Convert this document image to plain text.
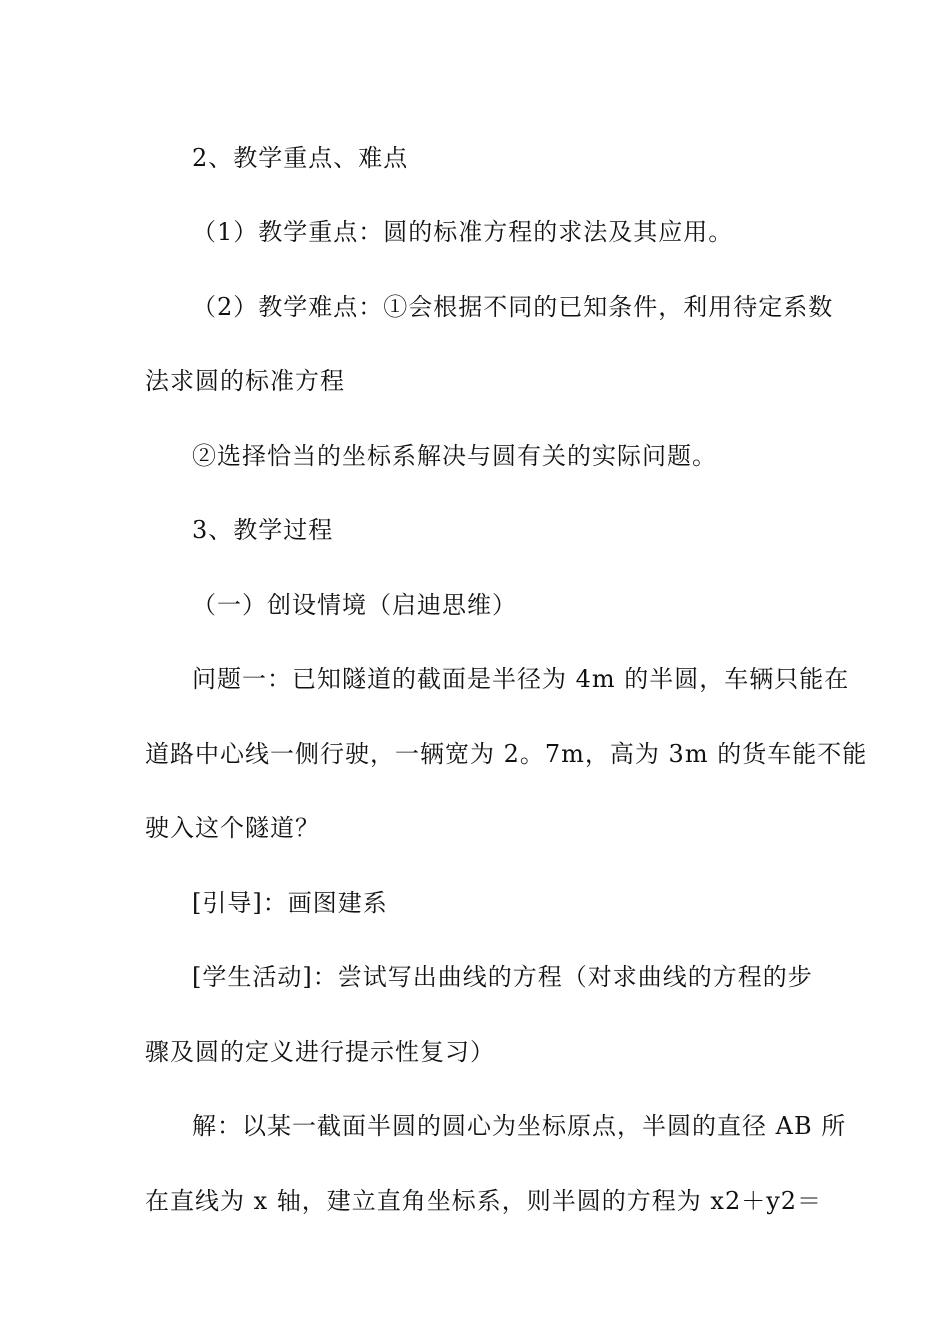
2、教学重点、难点
（1）教学重点：圆的标准方程的求法及其应用。
（2）教学难点：①会根据不同的已知条件，利用待定系数
法求圆的标准方程
②选择恰当的坐标系解决与圆有关的实际问题。
3、教学过程
（一）创设情境（启迪思维）
问题一：已知隧道的截面是半径为 4m 的半圆，车辆只能在
道路中心线一侧行驶，一辆宽为 2。7m，高为 3m 的货车能不能
驶入这个隧道？
[引导]：画图建系
[学生活动]：尝试写出曲线的方程（对求曲线的方程的步
骤及圆的定义进行提示性复习）
解：以某一截面半圆的圆心为坐标原点，半圆的直径 AB 所
在直线为 x 轴，建立直角坐标系，则半圆的方程为 x2＋y2＝
